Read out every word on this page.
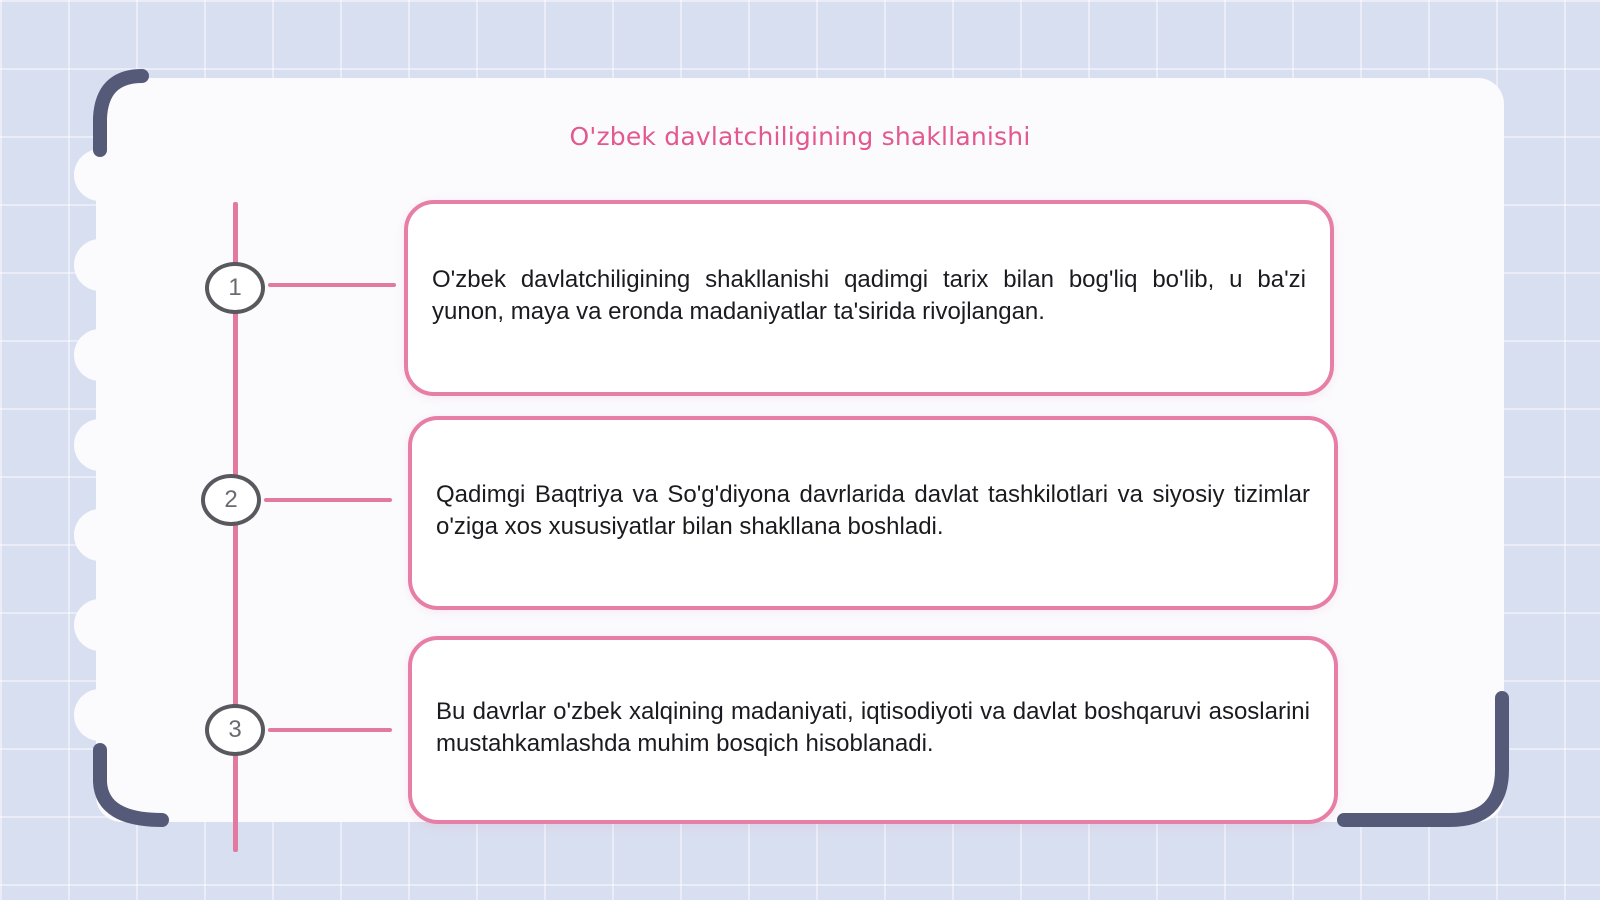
O'zbek davlatchiligining shakllanishi
1	O'zbek davlatchiligining shakllanishi qadimgi tarix bilan bog'liq bo'lib, u ba'zi yunon, maya va eronda madaniyatlar ta'sirida rivojlangan.

2	Qadimgi Baqtriya va So'g'diyona davrlarida davlat tashkilotlari va siyosiy tizimlar o'ziga xos xususiyatlar bilan shakllana boshladi.

3

Bu davrlar o'zbek xalqining madaniyati, iqtisodiyoti va davlat boshqaruvi asoslarini mustahkamlashda muhim bosqich hisoblanadi.
